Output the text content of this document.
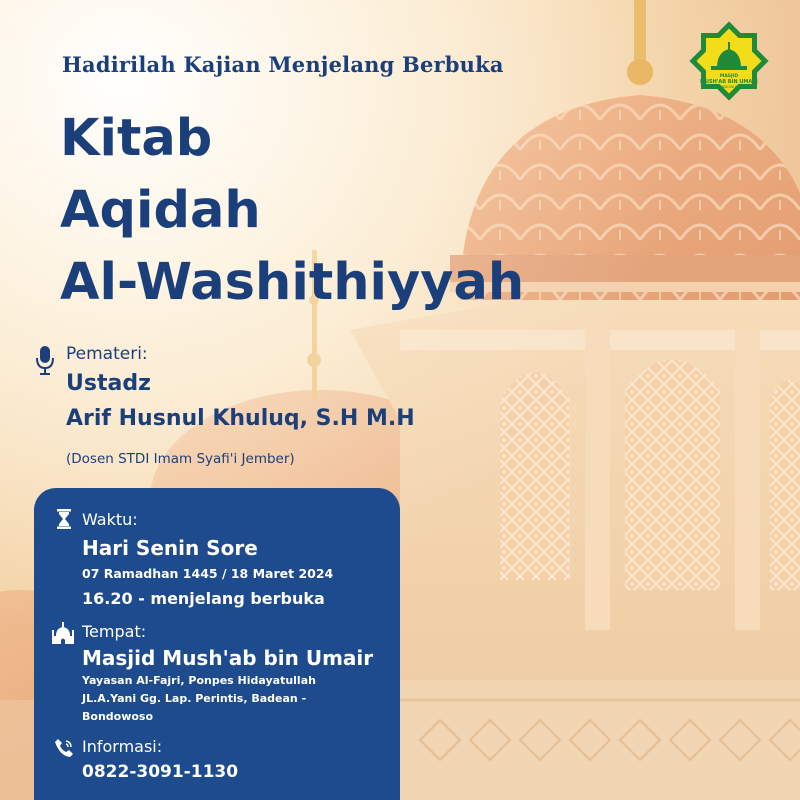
MASJID
MUSH'AB BIN UMAIR
BONDOWOSO
Hadirilah Kajian Menjelang Berbuka
Kitab
Aqidah
Al-Washithiyyah
Pemateri:
Ustadz
Arif Husnul Khuluq, S.H M.H
(Dosen STDI Imam Syafi'i Jember)
Waktu:
Hari Senin Sore
07 Ramadhan 1445 / 18 Maret 2024
16.20 - menjelang berbuka
Tempat:
Masjid Mush'ab bin Umair
Yayasan Al-Fajri, Ponpes Hidayatullah
JL.A.Yani Gg. Lap. Perintis, Badean -
Bondowoso
Informasi:
0822-3091-1130
